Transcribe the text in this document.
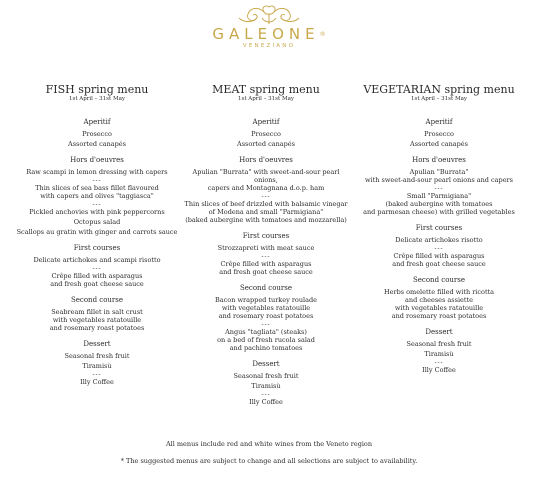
GALEONE®
VENEZIANO
FISH spring menu
1st April – 31st May
Aperitif
Prosecco
Assorted canapés
Hors d'oeuvres
Raw scampi in lemon dressing with capers
---
Thin slices of sea bass fillet flavoured
with capers and olives "taggiasca"
---
Pickled anchovies with pink peppercorns
Octopus salad
Scallops au gratin with ginger and carrots sauce
First courses
Delicate artichokes and scampi risotto
---
Crêpe filled with asparagus
and fresh goat cheese sauce
Second course
Seabream fillet in salt crust
with vegetables ratatouille
and rosemary roast potatoes
Dessert
Seasonal fresh fruit
Tiramisù
---
Illy Coffee
MEAT spring menu
1st April – 31st May
Aperitif
Prosecco
Assorted canapés
Hors d'oeuvres
Apulian "Burrata" with sweet-and-sour pearl onions,
capers and Montagnana d.o.p. ham
---
Thin slices of beef drizzled with balsamic vinegar
of Modena and small "Parmigiana"
(baked aubergine with tomatoes and mozzarella)
First courses
Strozzapreti with meat sauce
---
Crêpe filled with asparagus
and fresh goat cheese sauce
Second course
Bacon wrapped turkey roulade
with vegetables ratatouille
and rosemary roast potatoes
---
Angus "tagliata" (steaks)
on a bed of fresh rucola salad
and pachino tomatoes
Dessert
Seasonal fresh fruit
Tiramisù
---
Illy Coffee
VEGETARIAN spring menu
1st April – 31st May
Aperitif
Prosecco
Assorted canapés
Hors d'oeuvres
Apulian "Burrata"
with sweet-and-sour pearl onions and capers
---
Small "Parmigiana"
(baked aubergine with tomatoes
and parmesan cheese) with grilled vegetables
First courses
Delicate artichokes risotto
---
Crêpe filled with asparagus
and fresh goat cheese sauce
Second course
Herbs omelette filled with ricotta
and cheeses assiette
with vegetables ratatouille
and rosemary roast potatoes
Dessert
Seasonal fresh fruit
Tiramisù
---
Illy Coffee
All menus include red and white wines from the Veneto region
* The suggested menus are subject to change and all selections are subject to availability.
